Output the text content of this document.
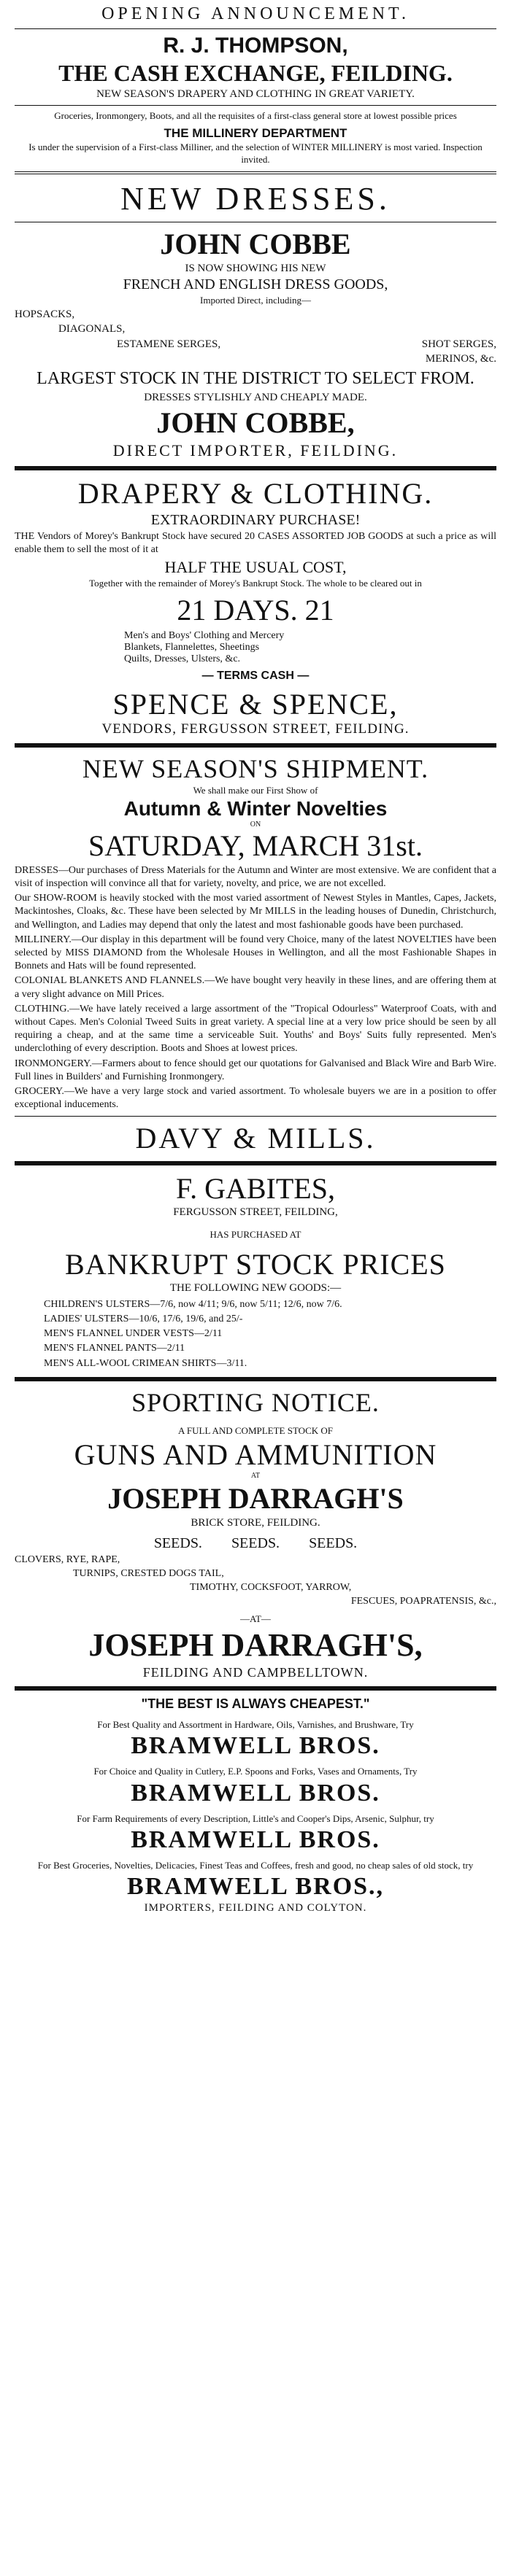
OPENING ANNOUNCEMENT.
R. J. THOMPSON,
THE CASH EXCHANGE, FEILDING.
NEW SEASON'S DRAPERY AND CLOTHING IN GREAT VARIETY.
Groceries, Ironmongery, Boots, and all the requisites of a first-class general store at lowest possible prices
THE MILLINERY DEPARTMENT
Is under the supervision of a First-class Milliner, and the selection of WINTER MILLINERY is most varied. Inspection invited.
NEW DRESSES.
JOHN COBBE
IS NOW SHOWING HIS NEW
FRENCH AND ENGLISH DRESS GOODS,
Imported Direct, including—
HOPSACKS,
DIAGONALS,
ESTAMENE SERGES,	SHOT SERGES,
MERINOS, &c.
LARGEST STOCK IN THE DISTRICT TO SELECT FROM.
DRESSES STYLISHLY AND CHEAPLY MADE.
JOHN COBBE,
DIRECT IMPORTER, FEILDING.
DRAPERY & CLOTHING.
EXTRAORDINARY PURCHASE!
THE Vendors of Morey's Bankrupt Stock have secured 20 CASES ASSORTED JOB GOODS at such a price as will enable them to sell the most of it at
HALF THE USUAL COST,
Together with the remainder of Morey's Bankrupt Stock. The whole to be cleared out in
21 DAYS. 21
Men's and Boys' Clothing and Mercery
Blankets, Flannelettes, Sheetings
Quilts, Dresses, Ulsters, &c.
— TERMS CASH —
SPENCE & SPENCE,
VENDORS, FERGUSSON STREET, FEILDING.
NEW SEASON'S SHIPMENT.
We shall make our First Show of
Autumn & Winter Novelties
ON
SATURDAY, MARCH 31st.
DRESSES—Our purchases of Dress Materials for the Autumn and Winter are most extensive. We are confident that a visit of inspection will convince all that for variety, novelty, and price, we are not excelled.
Our SHOW-ROOM is heavily stocked with the most varied assortment of Newest Styles in Mantles, Capes, Jackets, Mackintoshes, Cloaks, &c. These have been selected by Mr MILLS in the leading houses of Dunedin, Christchurch, and Wellington, and Ladies may depend that only the latest and most fashionable goods have been purchased.
MILLINERY.—Our display in this department will be found very Choice, many of the latest NOVELTIES have been selected by MISS DIAMOND from the Wholesale Houses in Wellington, and all the most Fashionable Shapes in Bonnets and Hats will be found represented.
COLONIAL BLANKETS AND FLANNELS.—We have bought very heavily in these lines, and are offering them at a very slight advance on Mill Prices.
CLOTHING.—We have lately received a large assortment of the "Tropical Odourless" Waterproof Coats, with and without Capes. Men's Colonial Tweed Suits in great variety. A special line at a very low price should be seen by all requiring a cheap, and at the same time a serviceable Suit. Youths' and Boys' Suits fully represented. Men's underclothing of every description. Boots and Shoes at lowest prices.
IRONMONGERY.—Farmers about to fence should get our quotations for Galvanised and Black Wire and Barb Wire. Full lines in Builders' and Furnishing Ironmongery.
GROCERY.—We have a very large stock and varied assortment. To wholesale buyers we are in a position to offer exceptional inducements.
DAVY & MILLS.
F. GABITES,
FERGUSSON STREET, FEILDING,
HAS PURCHASED AT
BANKRUPT STOCK PRICES
THE FOLLOWING NEW GOODS:—
CHILDREN'S ULSTERS—7/6, now 4/11; 9/6, now 5/11; 12/6, now 7/6.
LADIES' ULSTERS—10/6, 17/6, 19/6, and 25/-
MEN'S FLANNEL UNDER VESTS—2/11
MEN'S FLANNEL PANTS—2/11
MEN'S ALL-WOOL CRIMEAN SHIRTS—3/11.
SPORTING NOTICE.
A FULL AND COMPLETE STOCK OF
GUNS AND AMMUNITION
AT
JOSEPH DARRAGH'S
BRICK STORE, FEILDING.
SEEDS. SEEDS. SEEDS.
CLOVERS, RYE, RAPE,
TURNIPS, CRESTED DOGS TAIL,
TIMOTHY, COCKSFOOT, YARROW,
FESCUES, POAPRATENSIS, &c.,
—AT—
JOSEPH DARRAGH'S,
FEILDING AND CAMPBELLTOWN.
"THE BEST IS ALWAYS CHEAPEST."
For Best Quality and Assortment in Hardware, Oils, Varnishes, and Brushware, Try
BRAMWELL BROS.
For Choice and Quality in Cutlery, E.P. Spoons and Forks, Vases and Ornaments, Try
BRAMWELL BROS.
For Farm Requirements of every Description, Little's and Cooper's Dips, Arsenic, Sulphur, try
BRAMWELL BROS.
For Best Groceries, Novelties, Delicacies, Finest Teas and Coffees, fresh and good, no cheap sales of old stock, try
BRAMWELL BROS.,
IMPORTERS, FEILDING AND COLYTON.
